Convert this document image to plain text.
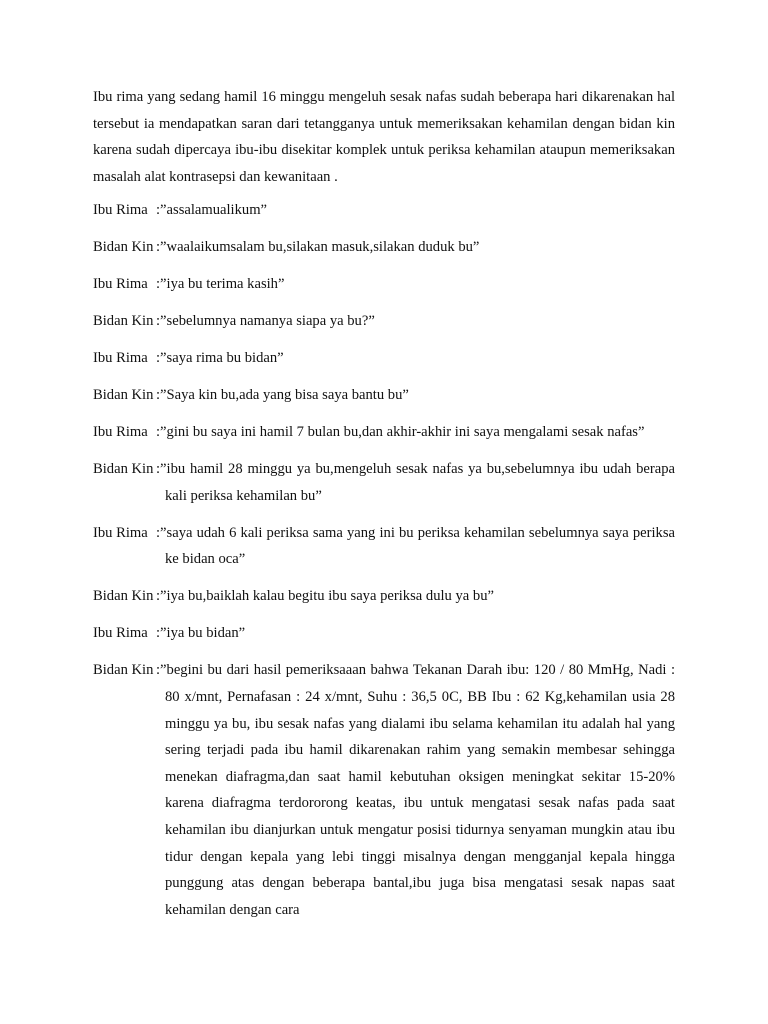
Ibu rima yang sedang hamil 16 minggu mengeluh sesak nafas sudah beberapa hari dikarenakan hal tersebut ia mendapatkan saran dari tetangganya untuk memeriksakan kehamilan dengan bidan kin karena sudah dipercaya ibu-ibu disekitar komplek untuk periksa kehamilan ataupun memeriksakan masalah alat kontrasepsi dan kewanitaan .

Ibu Rima :”assalamualikum”
Bidan Kin :”waalaikumsalam bu,silakan masuk,silakan duduk bu”
Ibu Rima :”iya bu terima kasih”
Bidan Kin :”sebelumnya namanya siapa ya bu?”
Ibu Rima :”saya rima bu bidan”
Bidan Kin :”Saya kin bu,ada yang bisa saya bantu bu”
Ibu Rima :”gini bu saya ini hamil 7 bulan bu,dan akhir-akhir ini saya mengalami sesak nafas”
Bidan Kin :”ibu hamil 28 minggu ya bu,mengeluh sesak nafas ya bu,sebelumnya ibu udah berapa kali periksa kehamilan bu”
Ibu Rima :”saya udah 6 kali periksa sama yang ini bu periksa kehamilan sebelumnya saya periksa ke bidan oca”
Bidan Kin :”iya bu,baiklah kalau begitu ibu saya periksa dulu ya bu”
Ibu Rima :”iya bu bidan”
Bidan Kin :”begini bu dari hasil pemeriksaaan bahwa Tekanan Darah ibu: 120 / 80 MmHg, Nadi : 80 x/mnt, Pernafasan : 24 x/mnt, Suhu : 36,5 0C, BB Ibu : 62 Kg,kehamilan usia 28 minggu ya bu, ibu sesak nafas yang dialami ibu selama kehamilan itu adalah hal yang sering terjadi pada ibu hamil dikarenakan rahim yang semakin membesar sehingga menekan diafragma,dan saat hamil kebutuhan oksigen meningkat sekitar 15-20% karena diafragma terdororong keatas, ibu untuk mengatasi sesak nafas pada saat kehamilan ibu dianjurkan untuk mengatur posisi tidurnya senyaman mungkin atau ibu tidur dengan kepala yang lebi tinggi misalnya dengan mengganjal kepala hingga punggung atas dengan beberapa bantal,ibu juga bisa mengatasi sesak napas saat kehamilan dengan cara
